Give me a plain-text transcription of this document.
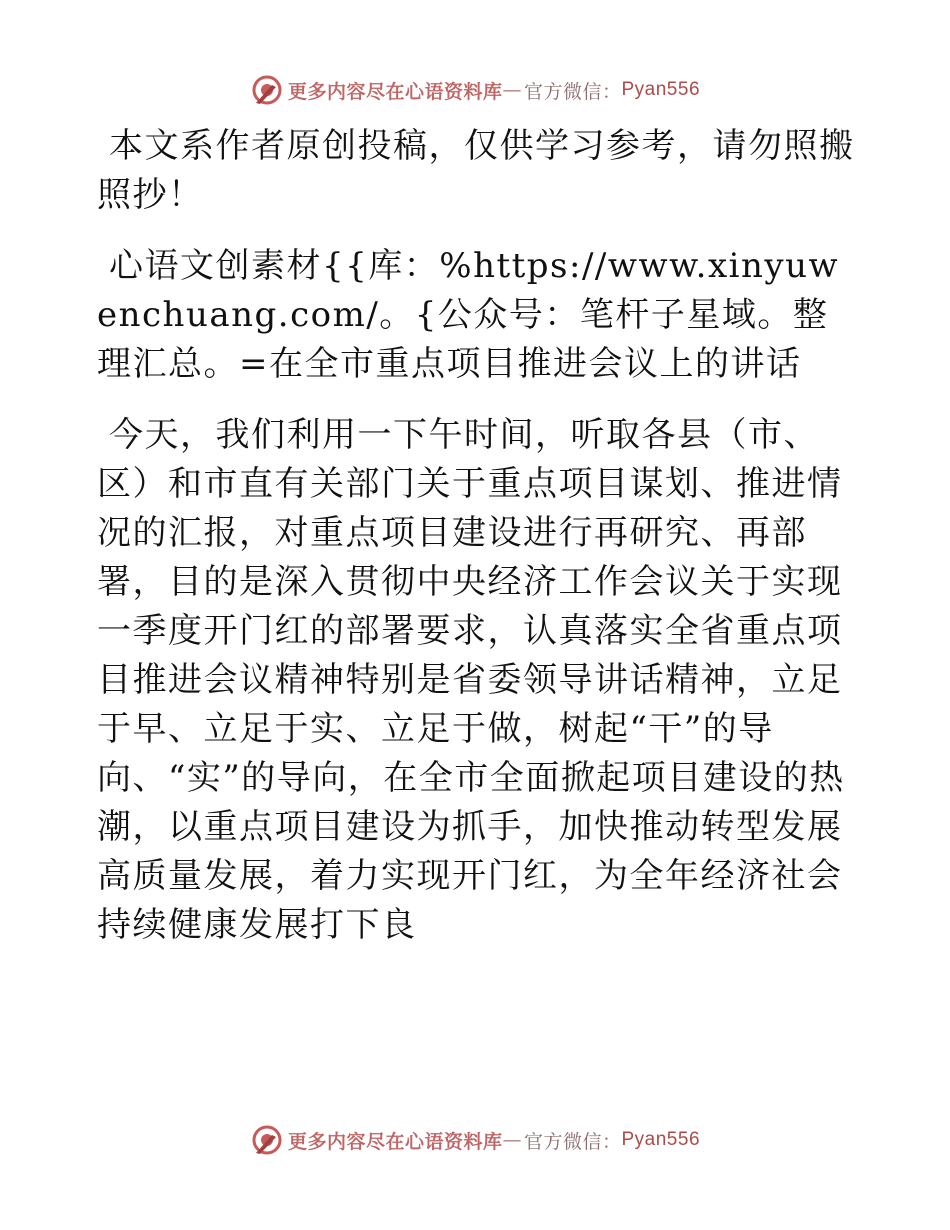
更多内容尽在心语资料库 — 官方微信： Pyan556

本文系作者原创投稿，仅供学习参考，请勿照搬照抄！

心语文创素材{{库：%https://www.xinyuwenchuang.com/。{公众号：笔杆子星域。整理汇总。=在全市重点项目推进会议上的讲话

今天，我们利用一下午时间，听取各县（市、区）和市直有关部门关于重点项目谋划、推进情况的汇报，对重点项目建设进行再研究、再部署，目的是深入贯彻中央经济工作会议关于实现一季度开门红的部署要求，认真落实全省重点项目推进会议精神特别是省委领导讲话精神，立足于早、立足于实、立足于做，树起“干”的导向、“实”的导向，在全市全面掀起项目建设的热潮，以重点项目建设为抓手，加快推动转型发展高质量发展，着力实现开门红，为全年经济社会持续健康发展打下良

更多内容尽在心语资料库 — 官方微信： Pyan556
